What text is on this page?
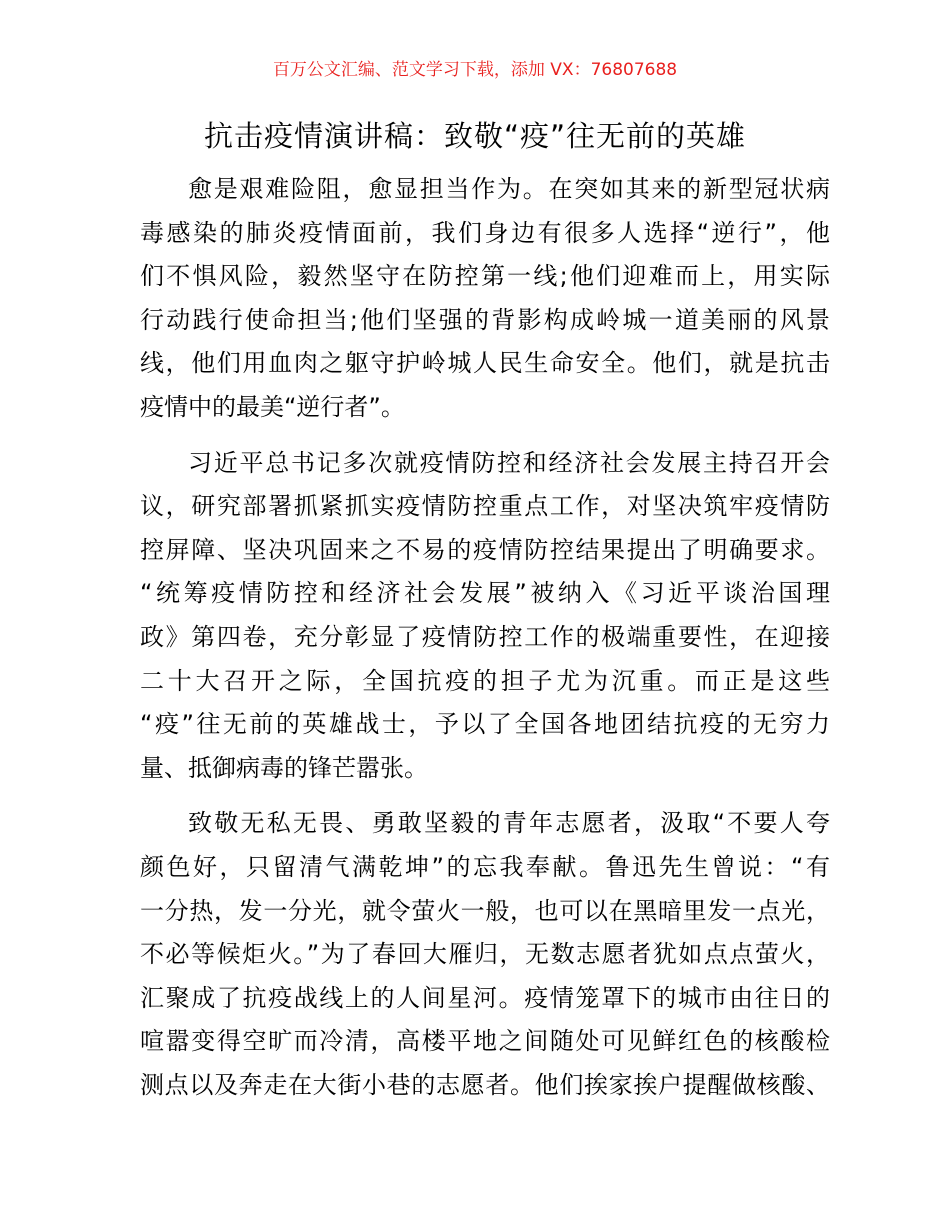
百万公文汇编、范文学习下载，添加 VX：76807688
抗击疫情演讲稿：致敬“疫”往无前的英雄
愈是艰难险阻，愈显担当作为。在突如其来的新型冠状病
毒感染的肺炎疫情面前，我们身边有很多人选择“逆行”，他
们不惧风险，毅然坚守在防控第一线;他们迎难而上，用实际
行动践行使命担当;他们坚强的背影构成岭城一道美丽的风景
线，他们用血肉之躯守护岭城人民生命安全。他们，就是抗击
疫情中的最美“逆行者”。
习近平总书记多次就疫情防控和经济社会发展主持召开会
议，研究部署抓紧抓实疫情防控重点工作，对坚决筑牢疫情防
控屏障、坚决巩固来之不易的疫情防控结果提出了明确要求。
“统筹疫情防控和经济社会发展”被纳入《习近平谈治国理
政》第四卷，充分彰显了疫情防控工作的极端重要性，在迎接
二十大召开之际，全国抗疫的担子尤为沉重。而正是这些
“疫”往无前的英雄战士，予以了全国各地团结抗疫的无穷力
量、抵御病毒的锋芒嚣张。
致敬无私无畏、勇敢坚毅的青年志愿者，汲取“不要人夸
颜色好，只留清气满乾坤”的忘我奉献。鲁迅先生曾说：“有
一分热，发一分光，就令萤火一般，也可以在黑暗里发一点光，
不必等候炬火。”为了春回大雁归，无数志愿者犹如点点萤火，
汇聚成了抗疫战线上的人间星河。疫情笼罩下的城市由往日的
喧嚣变得空旷而冷清，高楼平地之间随处可见鲜红色的核酸检
测点以及奔走在大街小巷的志愿者。他们挨家挨户提醒做核酸、
